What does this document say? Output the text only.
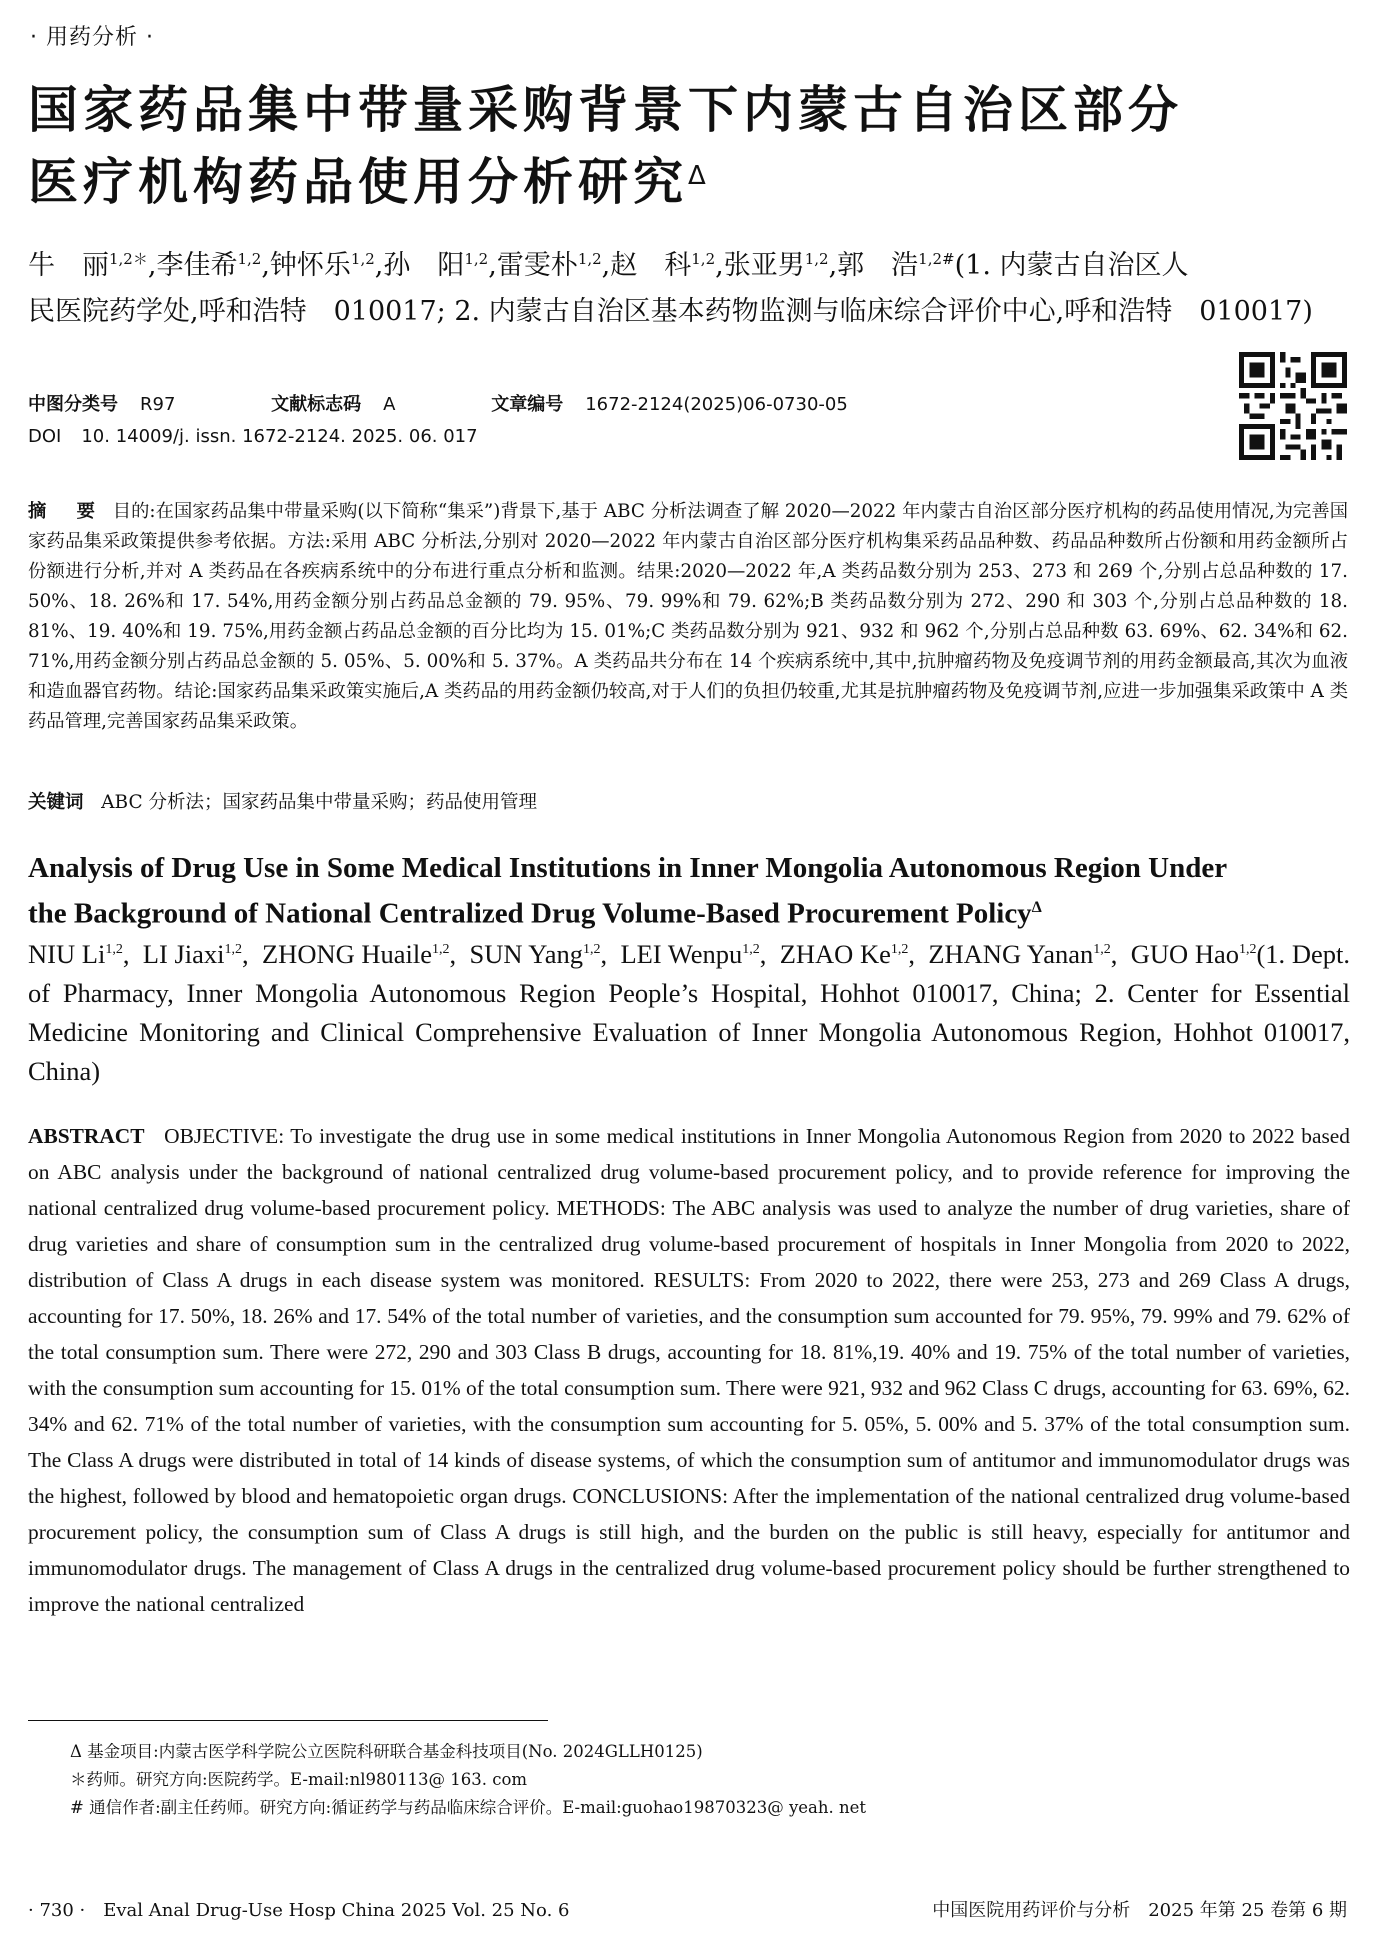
· 用药分析 ·
国家药品集中带量采购背景下内蒙古自治区部分
医疗机构药品使用分析研究$^\Delta$
牛　丽$^{1,2*}$,李佳希$^{1,2}$,钟怀乐$^{1,2}$,孙　阳$^{1,2}$,雷雯朴$^{1,2}$,赵　科$^{1,2}$,张亚男$^{1,2}$,郭　浩$^{1,2\#}$(1. 内蒙古自治区人
民医院药学处,呼和浩特　010017; 2. 内蒙古自治区基本药物监测与临床综合评价中心,呼和浩特　010017)
中图分类号 R97	文献标志码 A	文章编号 1672-2124(2025)06-0730-05
DOI 10. 14009/j. issn. 1672-2124. 2025. 06. 017
摘　要 目的:在国家药品集中带量采购(以下简称“集采”)背景下,基于 ABC 分析法调查了解 2020—2022 年内蒙古自治区部分医疗机构的药品使用情况,为完善国家药品集采政策提供参考依据。方法:采用 ABC 分析法,分别对 2020—2022 年内蒙古自治区部分医疗机构集采药品品种数、药品品种数所占份额和用药金额所占份额进行分析,并对 A 类药品在各疾病系统中的分布进行重点分析和监测。结果:2020—2022 年,A 类药品数分别为 253、273 和 269 个,分别占总品种数的 17. 50%、18. 26%和 17. 54%,用药金额分别占药品总金额的 79. 95%、79. 99%和 79. 62%;B 类药品数分别为 272、290 和 303 个,分别占总品种数的 18. 81%、19. 40%和 19. 75%,用药金额占药品总金额的百分比均为 15. 01%;C 类药品数分别为 921、932 和 962 个,分别占总品种数 63. 69%、62. 34%和 62. 71%,用药金额分别占药品总金额的 5. 05%、5. 00%和 5. 37%。A 类药品共分布在 14 个疾病系统中,其中,抗肿瘤药物及免疫调节剂的用药金额最高,其次为血液和造血器官药物。结论:国家药品集采政策实施后,A 类药品的用药金额仍较高,对于人们的负担仍较重,尤其是抗肿瘤药物及免疫调节剂,应进一步加强集采政策中 A 类药品管理,完善国家药品集采政策。
关键词 ABC 分析法；国家药品集中带量采购；药品使用管理
Analysis of Drug Use in Some Medical Institutions in Inner Mongolia Autonomous Region Under
the Background of National Centralized Drug Volume-Based Procurement Policy$^\Delta$
NIU Li$^{1,2}$,  LI Jiaxi$^{1,2}$,  ZHONG Huaile$^{1,2}$,  SUN Yang$^{1,2}$,  LEI Wenpu$^{1,2}$,  ZHAO Ke$^{1,2}$,  ZHANG Yanan$^{1,2}$,  GUO Hao$^{1,2}$(1. Dept. of Pharmacy, Inner Mongolia Autonomous Region People’s Hospital, Hohhot 010017, China; 2. Center for Essential Medicine Monitoring and Clinical Comprehensive Evaluation of Inner Mongolia Autonomous Region, Hohhot 010017, China)
ABSTRACT OBJECTIVE: To investigate the drug use in some medical institutions in Inner Mongolia Autonomous Region from 2020 to 2022 based on ABC analysis under the background of national centralized drug volume-based procurement policy, and to provide reference for improving the national centralized drug volume-based procurement policy. METHODS: The ABC analysis was used to analyze the number of drug varieties, share of drug varieties and share of consumption sum in the centralized drug volume-based procurement of hospitals in Inner Mongolia from 2020 to 2022, distribution of Class A drugs in each disease system was monitored. RESULTS: From 2020 to 2022, there were 253, 273 and 269 Class A drugs, accounting for 17. 50%, 18. 26% and 17. 54% of the total number of varieties, and the consumption sum accounted for 79. 95%, 79. 99% and 79. 62% of the total consumption sum. There were 272, 290 and 303 Class B drugs, accounting for 18. 81%,19. 40% and 19. 75% of the total number of varieties, with the consumption sum accounting for 15. 01% of the total consumption sum. There were 921, 932 and 962 Class C drugs, accounting for 63. 69%, 62. 34% and 62. 71% of the total number of varieties, with the consumption sum accounting for 5. 05%, 5. 00% and 5. 37% of the total consumption sum. The Class A drugs were distributed in total of 14 kinds of disease systems, of which the consumption sum of antitumor and immunomodulator drugs was the highest, followed by blood and hematopoietic organ drugs. CONCLUSIONS: After the implementation of the national centralized drug volume-based procurement policy, the consumption sum of Class A drugs is still high, and the burden on the public is still heavy, especially for antitumor and immunomodulator drugs. The management of Class A drugs in the centralized drug volume-based procurement policy should be further strengthened to improve the national centralized
Δ 基金项目:内蒙古医学科学院公立医院科研联合基金科技项目(No. 2024GLLH0125)
＊药师。研究方向:医院药学。E-mail:nl980113@ 163. com
# 通信作者:副主任药师。研究方向:循证药学与药品临床综合评价。E-mail:guohao19870323@ yeah. net
· 730 ·　Eval Anal Drug-Use Hosp China 2025 Vol. 25 No. 6	中国医院用药评价与分析　2025 年第 25 卷第 6 期
